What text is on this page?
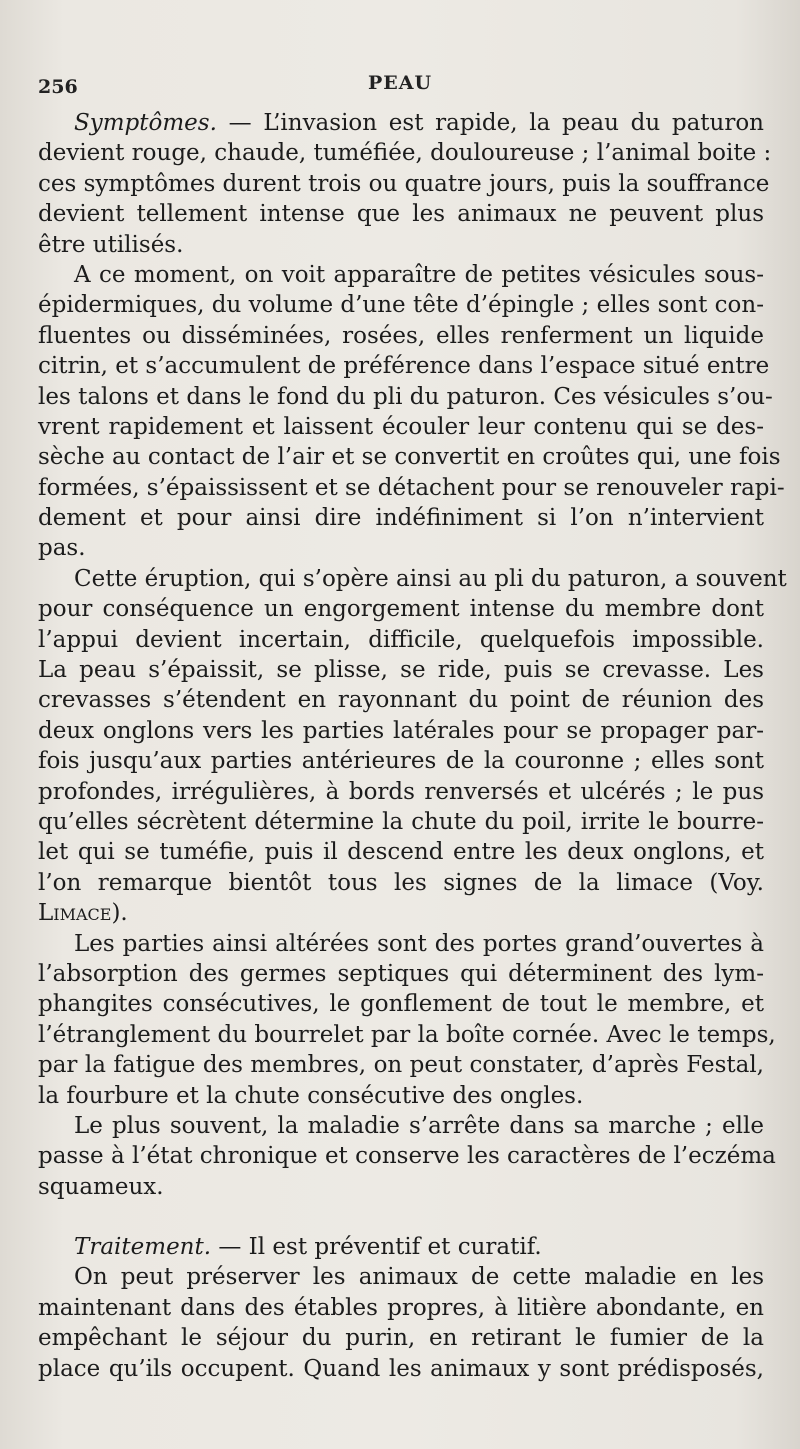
256	PEAU
Symptômes. — L’invasion est rapide, la peau du paturon
devient rouge, chaude, tuméfiée, douloureuse ; l’animal boite :
ces symptômes durent trois ou quatre jours, puis la souffrance
devient tellement intense que les animaux ne peuvent plus
être utilisés.
A ce moment, on voit apparaître de petites vésicules sous-
épidermiques, du volume d’une tête d’épingle ; elles sont con-
fluentes ou disséminées, rosées, elles renferment un liquide
citrin, et s’accumulent de préférence dans l’espace situé entre
les talons et dans le fond du pli du paturon. Ces vésicules s’ou-
vrent rapidement et laissent écouler leur contenu qui se des-
sèche au contact de l’air et se convertit en croûtes qui, une fois
formées, s’épaississent et se détachent pour se renouveler rapi-
dement et pour ainsi dire indéfiniment si l’on n’intervient
pas.
Cette éruption, qui s’opère ainsi au pli du paturon, a souvent
pour conséquence un engorgement intense du membre dont
l’appui devient incertain, difficile, quelquefois impossible.
La peau s’épaissit, se plisse, se ride, puis se crevasse. Les
crevasses s’étendent en rayonnant du point de réunion des
deux onglons vers les parties latérales pour se propager par-
fois jusqu’aux parties antérieures de la couronne ; elles sont
profondes, irrégulières, à bords renversés et ulcérés ; le pus
qu’elles sécrètent détermine la chute du poil, irrite le bourre-
let qui se tuméfie, puis il descend entre les deux onglons, et
l’on remarque bientôt tous les signes de la limace (Voy.
Limace).
Les parties ainsi altérées sont des portes grand’ouvertes à
l’absorption des germes septiques qui déterminent des lym-
phangites consécutives, le gonflement de tout le membre, et
l’étranglement du bourrelet par la boîte cornée. Avec le temps,
par la fatigue des membres, on peut constater, d’après Festal,
la fourbure et la chute consécutive des ongles.
Le plus souvent, la maladie s’arrête dans sa marche ; elle
passe à l’état chronique et conserve les caractères de l’eczéma
squameux.
Traitement. — Il est préventif et curatif.
On peut préserver les animaux de cette maladie en les
maintenant dans des étables propres, à litière abondante, en
empêchant le séjour du purin, en retirant le fumier de la
place qu’ils occupent. Quand les animaux y sont prédisposés,
